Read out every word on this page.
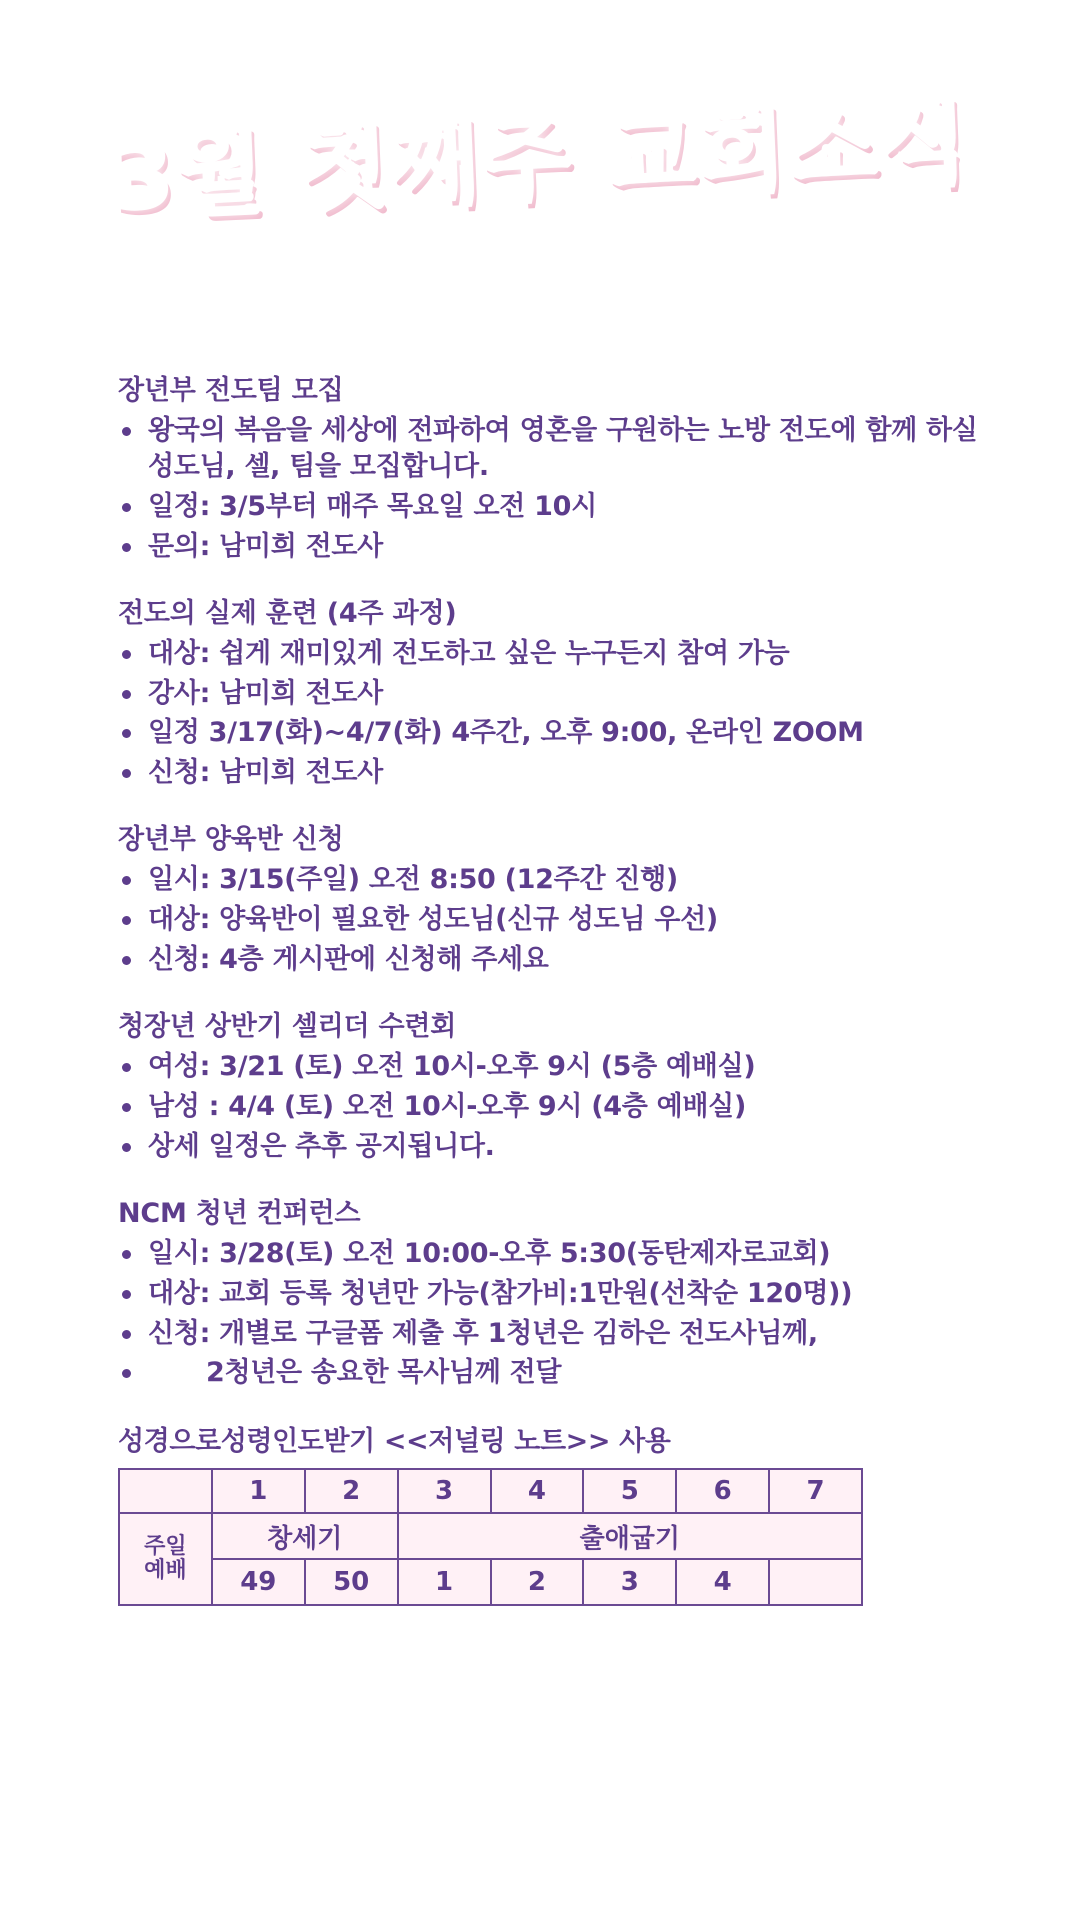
3월 첫째주 교회소식
장년부 전도팀 모집
왕국의 복음을 세상에 전파하여 영혼을 구원하는 노방 전도에 함께 하실 성도님, 셀, 팀을 모집합니다.
일정: 3/5부터 매주 목요일 오전 10시
문의: 남미희 전도사
전도의 실제 훈련 (4주 과정)
대상: 쉽게 재미있게 전도하고 싶은 누구든지 참여 가능
강사: 남미희 전도사
일정 3/17(화)~4/7(화) 4주간, 오후 9:00, 온라인 ZOOM
신청: 남미희 전도사
장년부 양육반 신청
일시: 3/15(주일) 오전 8:50 (12주간 진행)
대상: 양육반이 필요한 성도님(신규 성도님 우선)
신청: 4층 게시판에 신청해 주세요
청장년 상반기 셀리더 수련회
여성: 3/21 (토) 오전 10시-오후 9시 (5층 예배실)
남성 : 4/4 (토) 오전 10시-오후 9시 (4층 예배실)
상세 일정은 추후 공지됩니다.
NCM 청년 컨퍼런스
일시: 3/28(토) 오전 10:00-오후 5:30(동탄제자로교회)
대상: 교회 등록 청년만 가능(참가비:1만원(선착순 120명))
신청: 개별로 구글폼 제출 후 1청년은 김하은 전도사님께,
2청년은 송요한 목사님께 전달
성경으로성령인도받기 <<저널링 노트>> 사용
	1	2	3	4	5	6	7

주일
예배	창세기		출애굽기				
	49	50	1	2	3	4	
